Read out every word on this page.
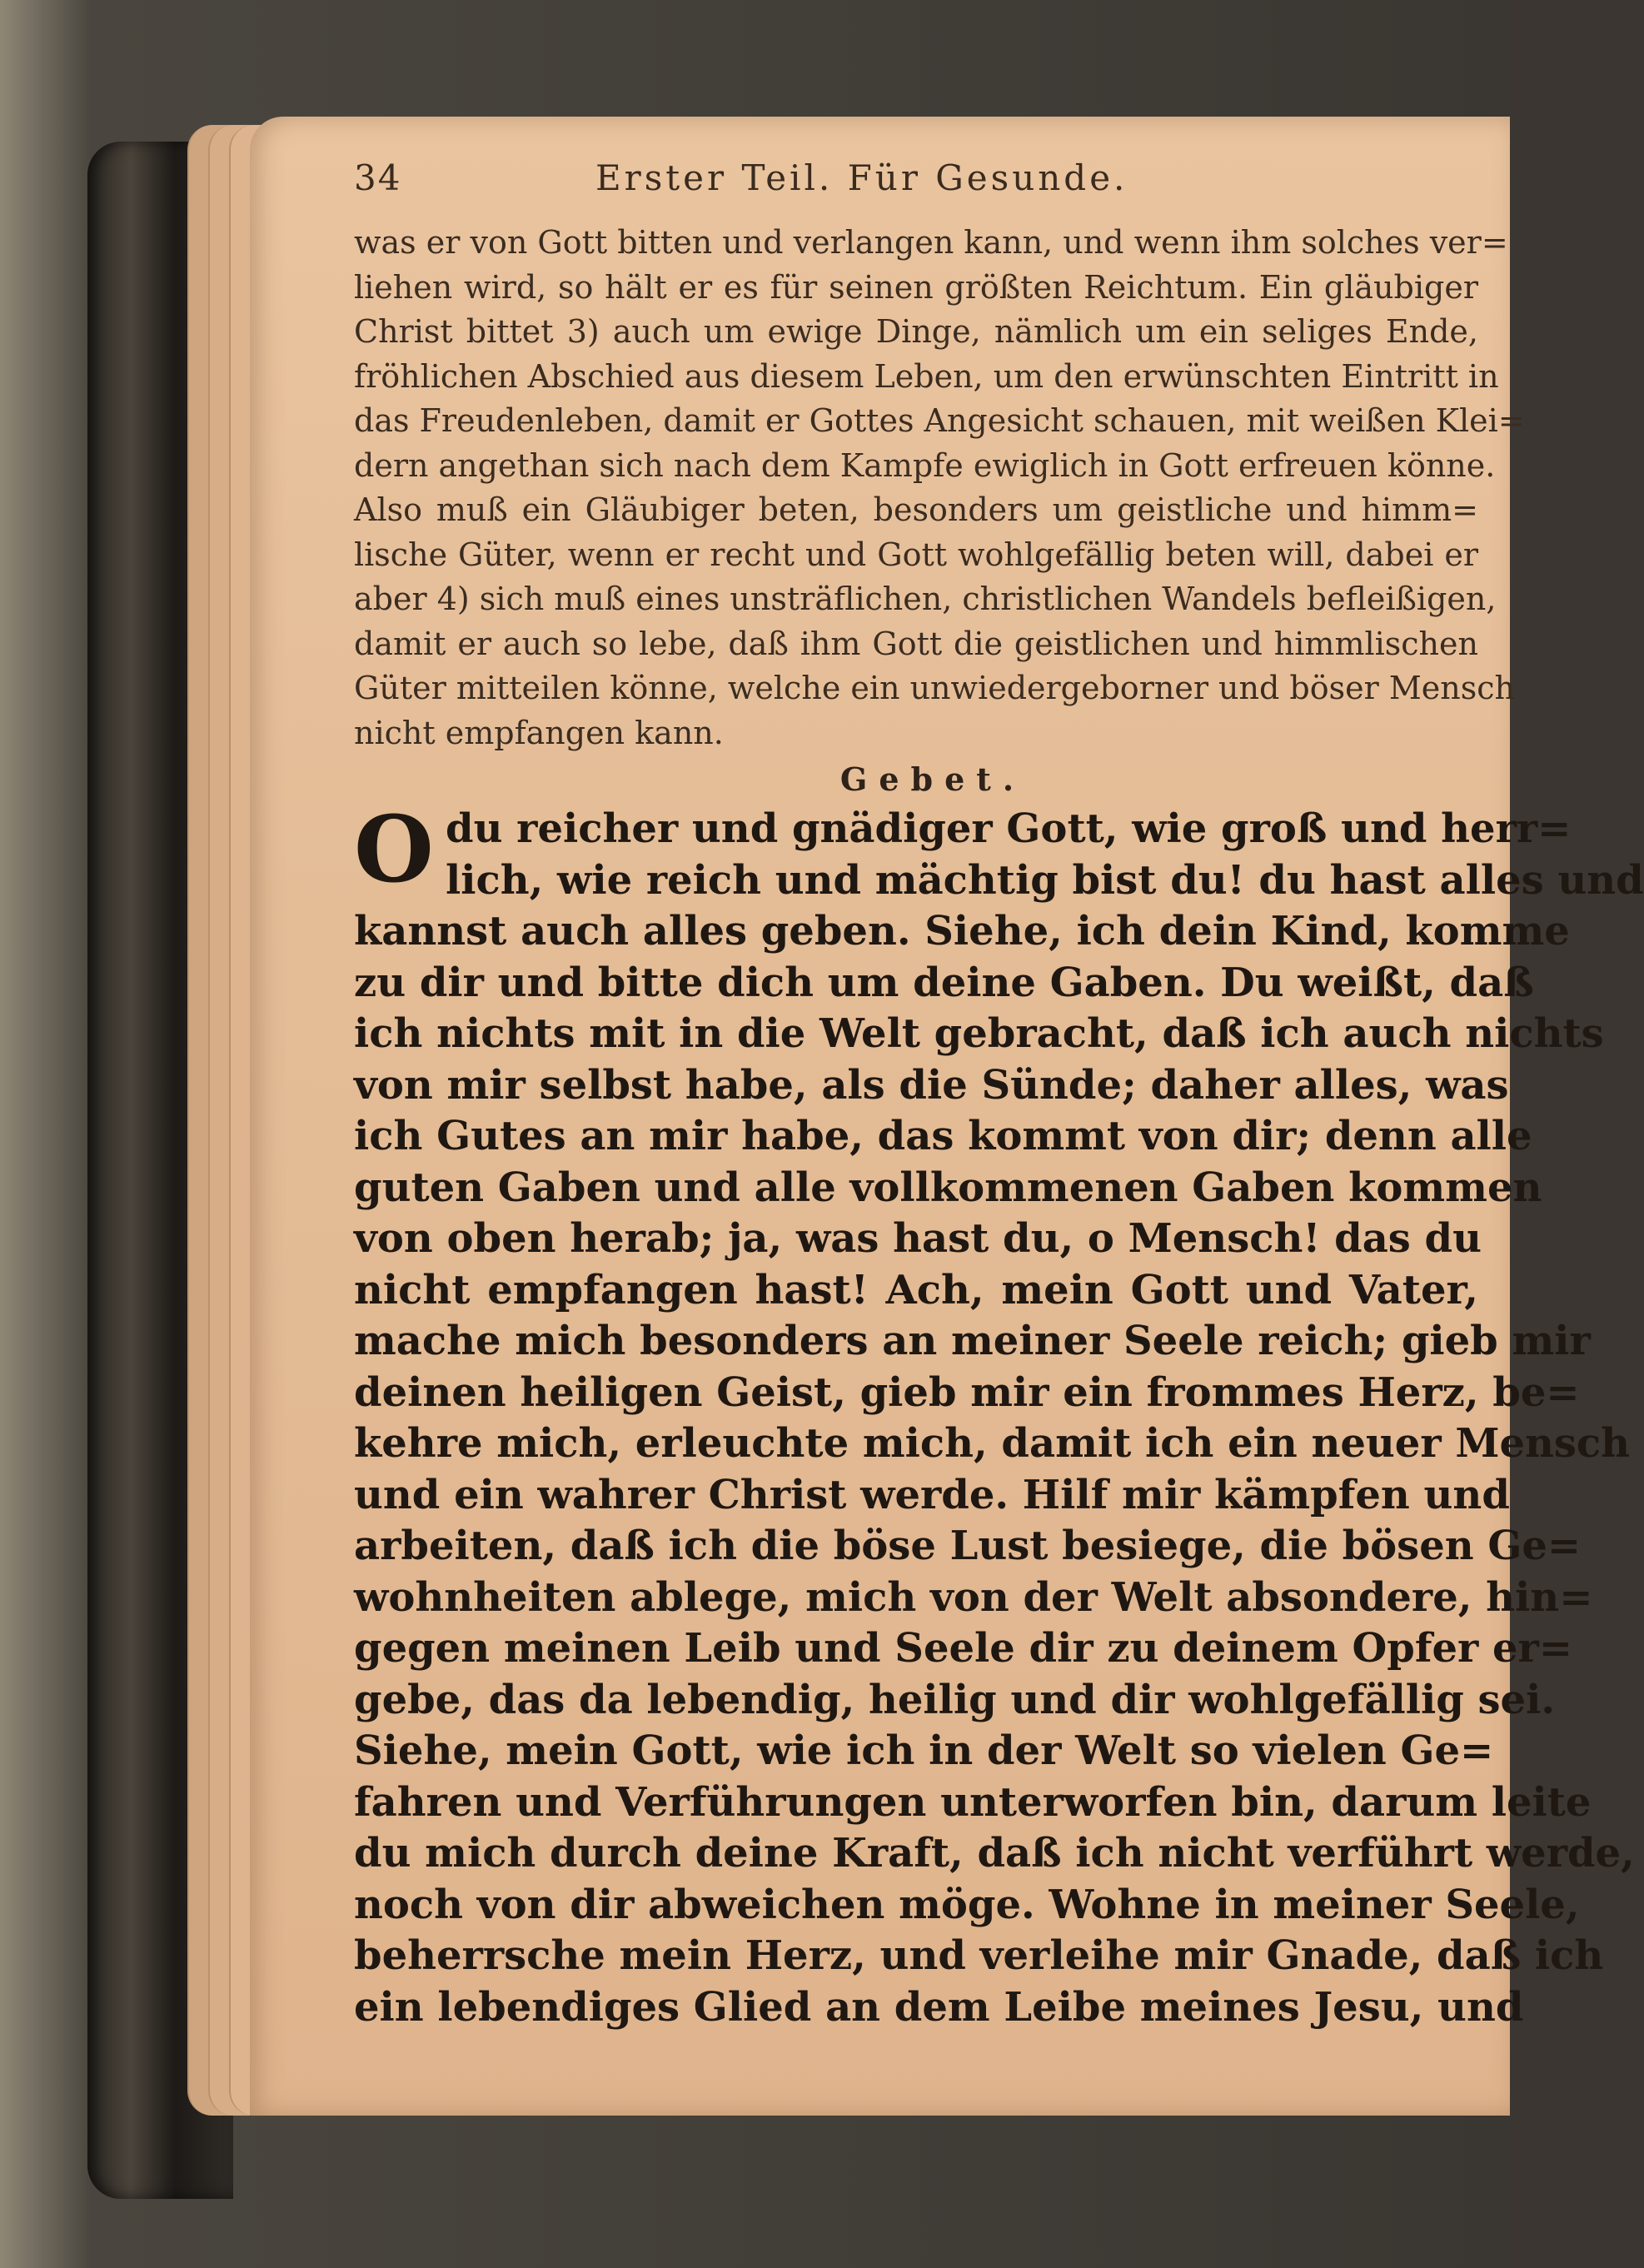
34	Erster Teil. Für Gesunde.
was er von Gott bitten und verlangen kann, und wenn ihm solches ver=
liehen wird, so hält er es für seinen größten Reichtum. Ein gläubiger
Christ bittet 3) auch um ewige Dinge, nämlich um ein seliges Ende,
fröhlichen Abschied aus diesem Leben, um den erwünschten Eintritt in
das Freudenleben, damit er Gottes Angesicht schauen, mit weißen Klei=
dern angethan sich nach dem Kampfe ewiglich in Gott erfreuen könne.
Also muß ein Gläubiger beten, besonders um geistliche und himm=
lische Güter, wenn er recht und Gott wohlgefällig beten will, dabei er
aber 4) sich muß eines unsträflichen, christlichen Wandels befleißigen,
damit er auch so lebe, daß ihm Gott die geistlichen und himmlischen
Güter mitteilen könne, welche ein unwiedergeborner und böser Mensch
nicht empfangen kann.
Gebet.
O du reicher und gnädiger Gott, wie groß und herr=
lich, wie reich und mächtig bist du! du hast alles und
kannst auch alles geben. Siehe, ich dein Kind, komme
zu dir und bitte dich um deine Gaben. Du weißt, daß
ich nichts mit in die Welt gebracht, daß ich auch nichts
von mir selbst habe, als die Sünde; daher alles, was
ich Gutes an mir habe, das kommt von dir; denn alle
guten Gaben und alle vollkommenen Gaben kommen
von oben herab; ja, was hast du, o Mensch! das du
nicht empfangen hast! Ach, mein Gott und Vater,
mache mich besonders an meiner Seele reich; gieb mir
deinen heiligen Geist, gieb mir ein frommes Herz, be=
kehre mich, erleuchte mich, damit ich ein neuer Mensch
und ein wahrer Christ werde. Hilf mir kämpfen und
arbeiten, daß ich die böse Lust besiege, die bösen Ge=
wohnheiten ablege, mich von der Welt absondere, hin=
gegen meinen Leib und Seele dir zu deinem Opfer er=
gebe, das da lebendig, heilig und dir wohlgefällig sei.
Siehe, mein Gott, wie ich in der Welt so vielen Ge=
fahren und Verführungen unterworfen bin, darum leite
du mich durch deine Kraft, daß ich nicht verführt werde,
noch von dir abweichen möge. Wohne in meiner Seele,
beherrsche mein Herz, und verleihe mir Gnade, daß ich
ein lebendiges Glied an dem Leibe meines Jesu, und
